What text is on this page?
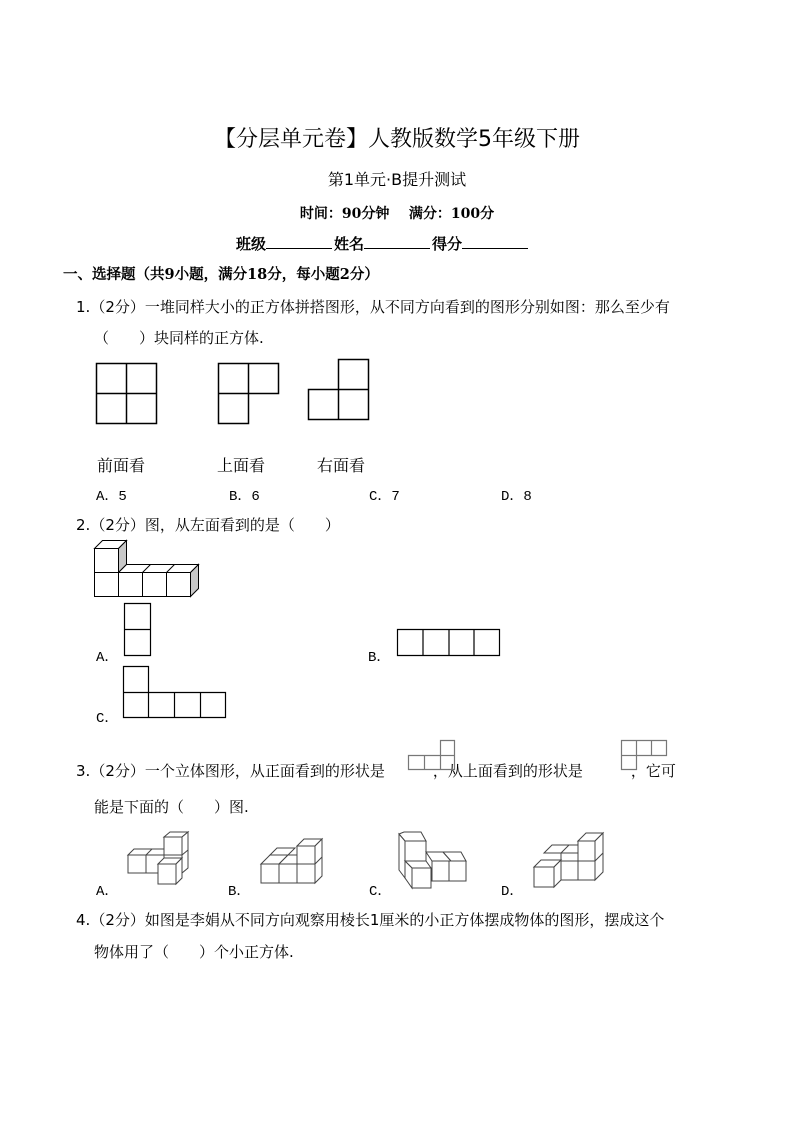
【分层单元卷】人教版数学5年级下册
第1单元·B提升测试
时间：90分钟 满分：100分
班级	姓名	得分
一、选择题（共9小题，满分18分，每小题2分）
1.（2分）一堆同样大小的正方体拼搭图形，从不同方向看到的图形分别如图：那么至少有
（　　）块同样的正方体.
前面看	上面看	右面看
A．5	B．6	C．7	D．8
2.（2分）图，从左面看到的是（　　）
A．	B．
C．
3.（2分）一个立体图形，从正面看到的形状是	，从上面看到的形状是	，它可
能是下面的（　　）图.
A．	B．	C．	D．
4.（2分）如图是李娟从不同方向观察用棱长1厘米的小正方体摆成物体的图形，摆成这个
物体用了（　　）个小正方体.
